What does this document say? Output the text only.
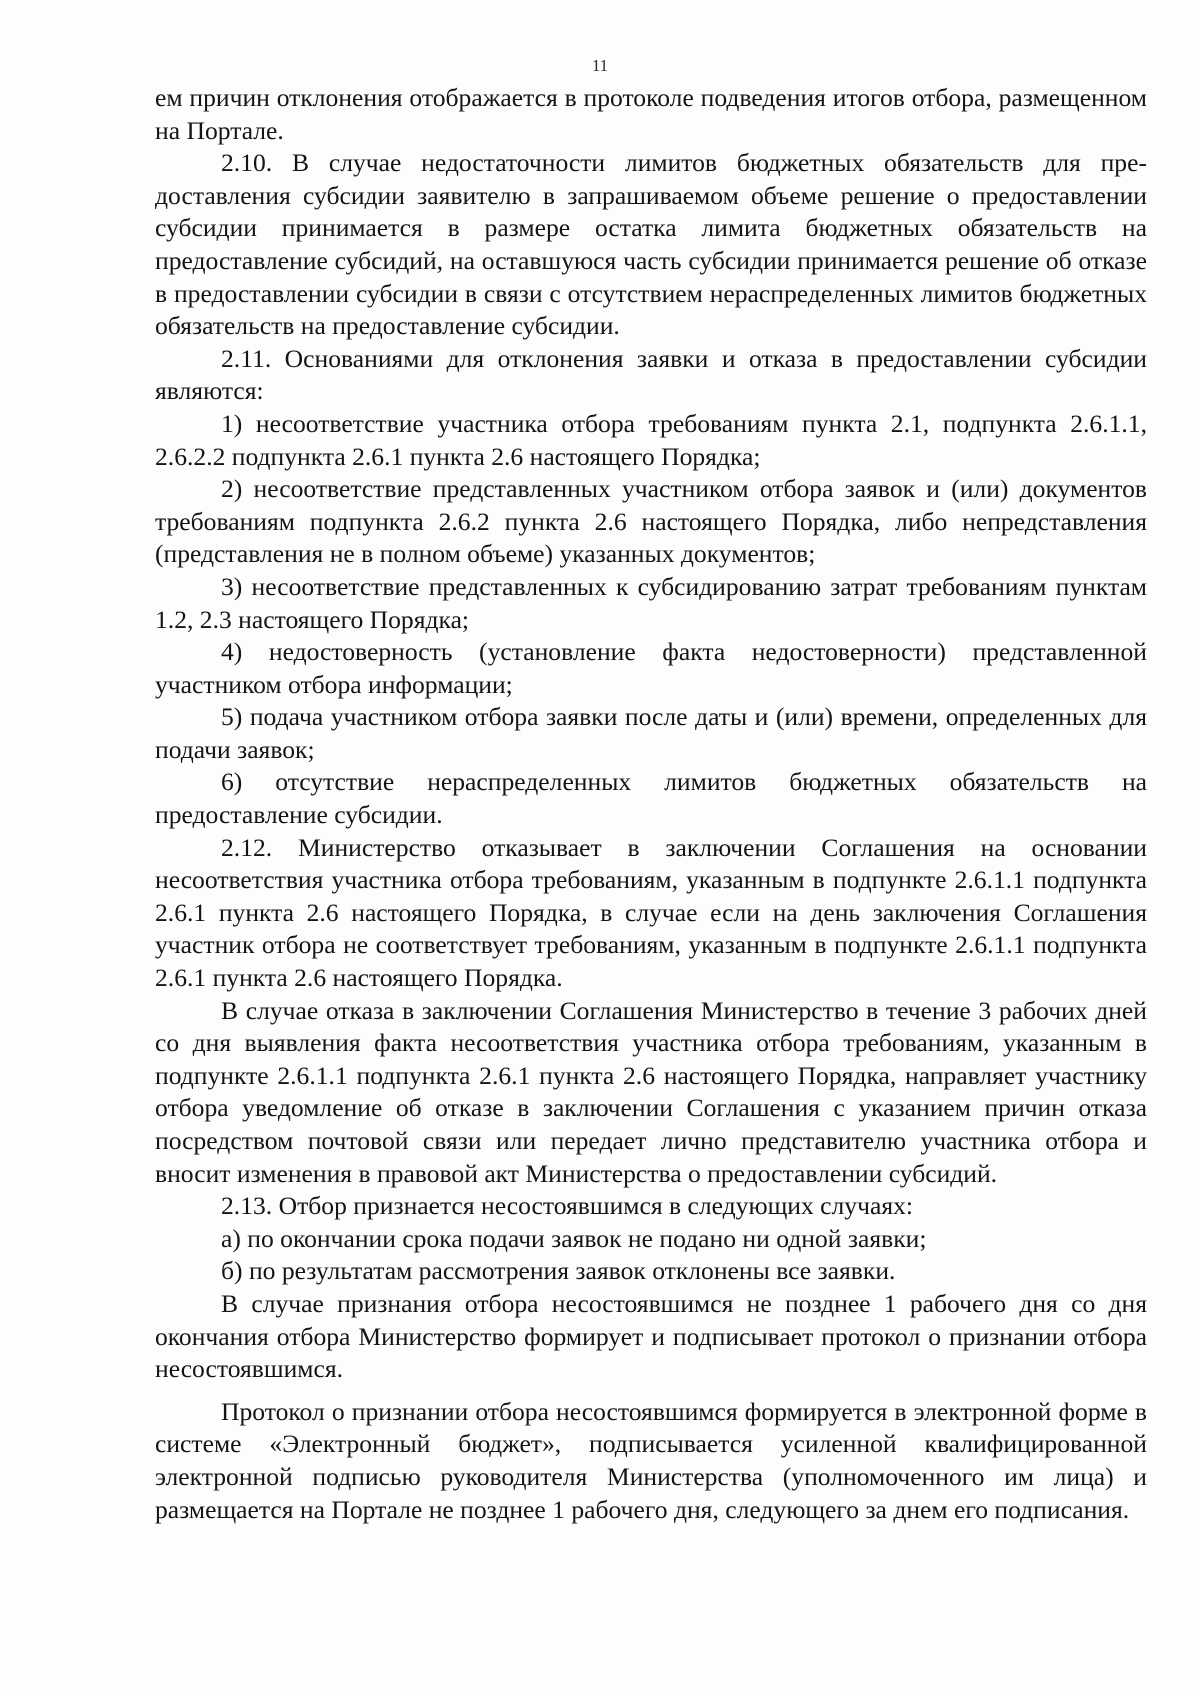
11

ем причин отклонения отображается в протоколе подведения итогов отбора, размещенном на Портале.

2.10. В случае недостаточности лимитов бюджетных обязательств для предоставления субсидии заявителю в запрашиваемом объеме решение о предоставлении субсидии принимается в размере остатка лимита бюджетных обязательств на предоставление субсидий, на оставшуюся часть субсидии принимается решение об отказе в предоставлении субсидии в связи с отсутствием нераспределенных лимитов бюджетных обязательств на предоставление субсидии.

2.11. Основаниями для отклонения заявки и отказа в предоставлении субсидии являются:

1) несоответствие участника отбора требованиям пункта 2.1, подпункта 2.6.1.1, 2.6.2.2 подпункта 2.6.1 пункта 2.6 настоящего Порядка;

2) несоответствие представленных участником отбора заявок и (или) документов требованиям подпункта 2.6.2 пункта 2.6 настоящего Порядка, либо непредставления (представления не в полном объеме) указанных документов;

3) несоответствие представленных к субсидированию затрат требованиям пунктам 1.2, 2.3 настоящего Порядка;

4) недостоверность (установление факта недостоверности) представленной участником отбора информации;

5) подача участником отбора заявки после даты и (или) времени, определенных для подачи заявок;

6) отсутствие нераспределенных лимитов бюджетных обязательств на предоставление субсидии.

2.12. Министерство отказывает в заключении Соглашения на основании несоответствия участника отбора требованиям, указанным в подпункте 2.6.1.1 подпункта 2.6.1 пункта 2.6 настоящего Порядка, в случае если на день заключения Соглашения участник отбора не соответствует требованиям, указанным в подпункте 2.6.1.1 подпункта 2.6.1 пункта 2.6 настоящего Порядка.

В случае отказа в заключении Соглашения Министерство в течение 3 рабочих дней со дня выявления факта несоответствия участника отбора требованиям, указанным в подпункте 2.6.1.1 подпункта 2.6.1 пункта 2.6 настоящего Порядка, направляет участнику отбора уведомление об отказе в заключении Соглашения с указанием причин отказа посредством почтовой связи или передает лично представителю участника отбора и вносит изменения в правовой акт Министерства о предоставлении субсидий.

2.13. Отбор признается несостоявшимся в следующих случаях:

а) по окончании срока подачи заявок не подано ни одной заявки;

б) по результатам рассмотрения заявок отклонены все заявки.

В случае признания отбора несостоявшимся не позднее 1 рабочего дня со дня окончания отбора Министерство формирует и подписывает протокол о признании отбора несостоявшимся.

Протокол о признании отбора несостоявшимся формируется в электронной форме в системе «Электронный бюджет», подписывается усиленной квалифицированной электронной подписью руководителя Министерства (уполномоченного им лица) и размещается на Портале не позднее 1 рабочего дня, следующего за днем его подписания.
